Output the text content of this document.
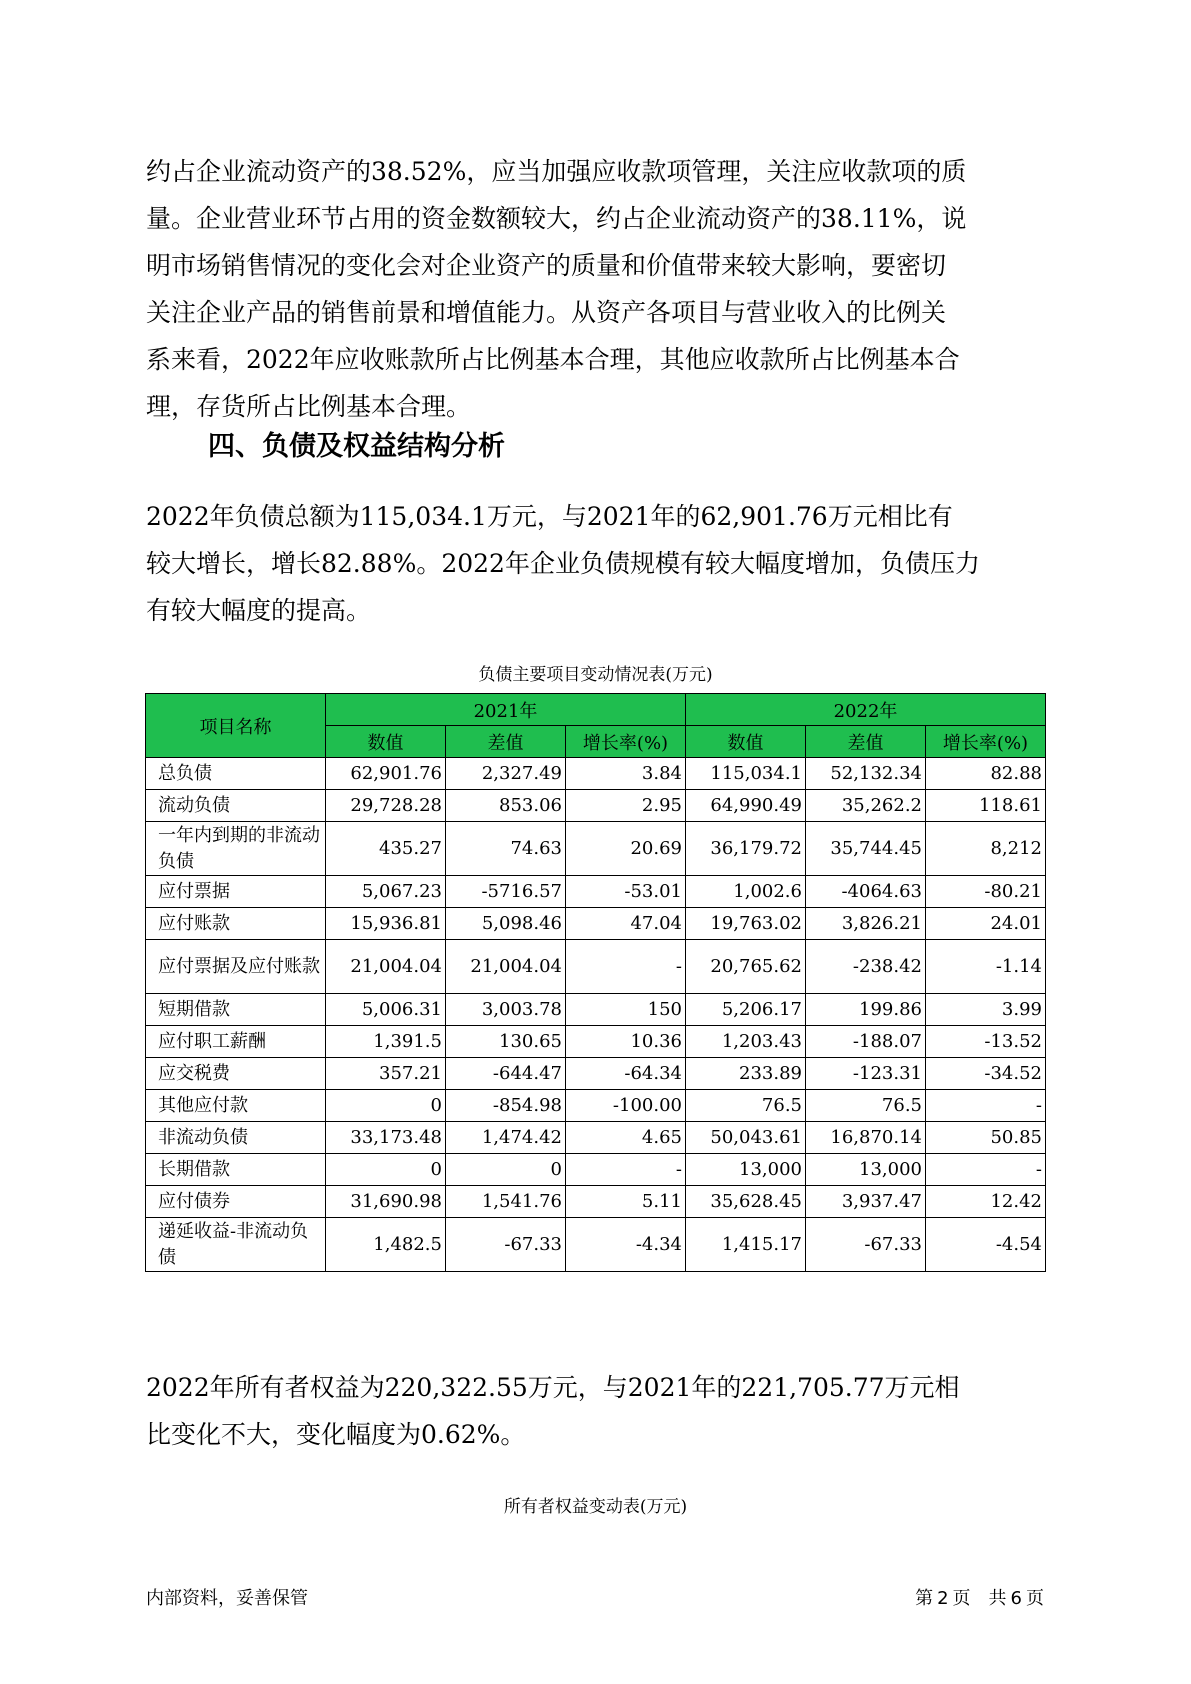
约占企业流动资产的38.52%，应当加强应收款项管理，关注应收款项的质
量。企业营业环节占用的资金数额较大，约占企业流动资产的38.11%，说
明市场销售情况的变化会对企业资产的质量和价值带来较大影响，要密切
关注企业产品的销售前景和增值能力。从资产各项目与营业收入的比例关
系来看，2022年应收账款所占比例基本合理，其他应收款所占比例基本合
理，存货所占比例基本合理。
四、负债及权益结构分析
2022年负债总额为115,034.1万元，与2021年的62,901.76万元相比有
较大增长，增长82.88%。2022年企业负债规模有较大幅度增加，负债压力
有较大幅度的提高。
负债主要项目变动情况表(万元)
项目名称	2021年			2022年		
	数值	差值	增长率(%)	数值	差值	增长率(%)
总负债	62,901.76	2,327.49	3.84	115,034.1	52,132.34	82.88
流动负债	29,728.28	853.06	2.95	64,990.49	35,262.2	118.61
一年内到期的非流动负债	435.27	74.63	20.69	36,179.72	35,744.45	8,212
应付票据	5,067.23	-5716.57	-53.01	1,002.6	-4064.63	-80.21
应付账款	15,936.81	5,098.46	47.04	19,763.02	3,826.21	24.01
应付票据及应付账款	21,004.04	21,004.04	-	20,765.62	-238.42	-1.14
短期借款	5,006.31	3,003.78	150	5,206.17	199.86	3.99
应付职工薪酬	1,391.5	130.65	10.36	1,203.43	-188.07	-13.52
应交税费	357.21	-644.47	-64.34	233.89	-123.31	-34.52
其他应付款	0	-854.98	-100.00	76.5	76.5	-
非流动负债	33,173.48	1,474.42	4.65	50,043.61	16,870.14	50.85
长期借款	0	0	-	13,000	13,000	-
应付债券	31,690.98	1,541.76	5.11	35,628.45	3,937.47	12.42
递延收益-非流动负债	1,482.5	-67.33	-4.34	1,415.17	-67.33	-4.54
2022年所有者权益为220,322.55万元，与2021年的221,705.77万元相
比变化不大，变化幅度为0.62%。
所有者权益变动表(万元)
内部资料，妥善保管	第 2 页　共 6 页
